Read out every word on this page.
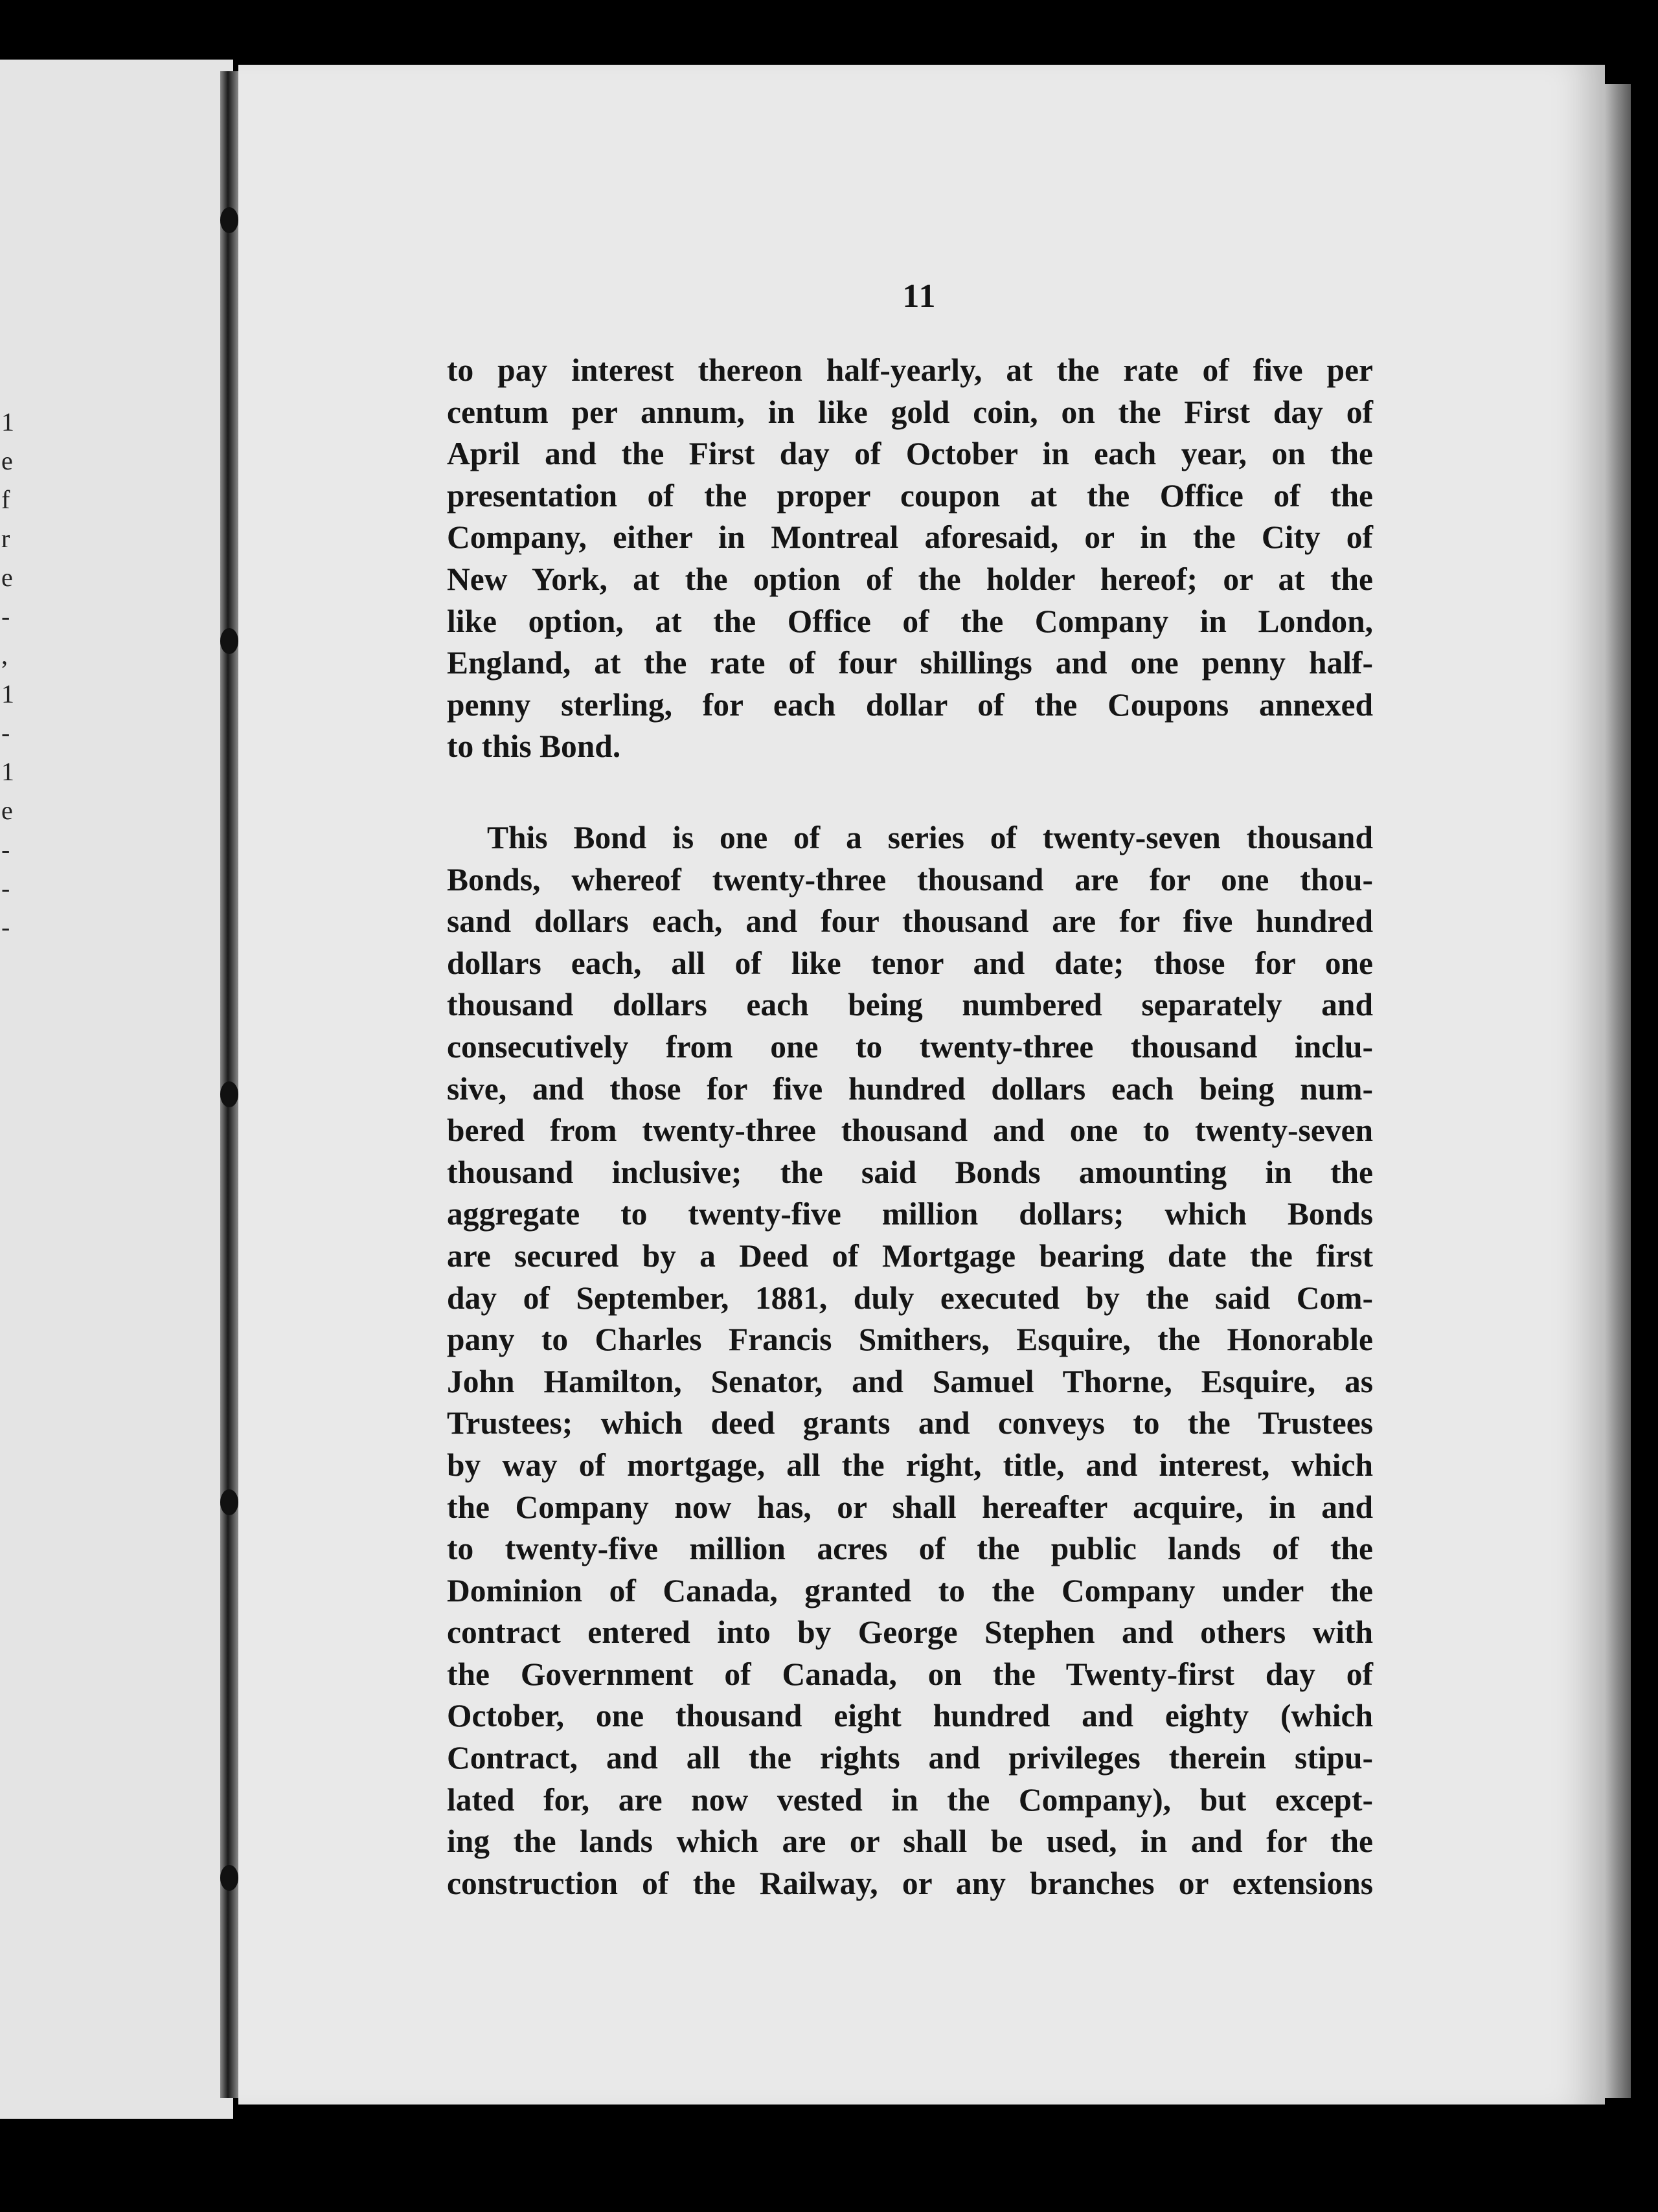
1
e
f
r
e
-
,
1
-
1
e
-
-
-
11
to pay interest thereon half-yearly, at the rate of five per
centum per annum, in like gold coin, on the First day of
April and the First day of October in each year, on the
presentation of the proper coupon at the Office of the
Company, either in Montreal aforesaid, or in the City of
New York, at the option of the holder hereof; or at the
like option, at the Office of the Company in London,
England, at the rate of four shillings and one penny half-
penny sterling, for each dollar of the Coupons annexed
to this Bond.
This Bond is one of a series of twenty-seven thousand
Bonds, whereof twenty-three thousand are for one thou-
sand dollars each, and four thousand are for five hundred
dollars each, all of like tenor and date; those for one
thousand dollars each being numbered separately and
consecutively from one to twenty-three thousand inclu-
sive, and those for five hundred dollars each being num-
bered from twenty-three thousand and one to twenty-seven
thousand inclusive; the said Bonds amounting in the
aggregate to twenty-five million dollars; which Bonds
are secured by a Deed of Mortgage bearing date the first
day of September, 1881, duly executed by the said Com-
pany to Charles Francis Smithers, Esquire, the Honorable
John Hamilton, Senator, and Samuel Thorne, Esquire, as
Trustees; which deed grants and conveys to the Trustees
by way of mortgage, all the right, title, and interest, which
the Company now has, or shall hereafter acquire, in and
to twenty-five million acres of the public lands of the
Dominion of Canada, granted to the Company under the
contract entered into by George Stephen and others with
the Government of Canada, on the Twenty-first day of
October, one thousand eight hundred and eighty (which
Contract, and all the rights and privileges therein stipu-
lated for, are now vested in the Company), but except-
ing the lands which are or shall be used, in and for the
construction of the Railway, or any branches or extensions
